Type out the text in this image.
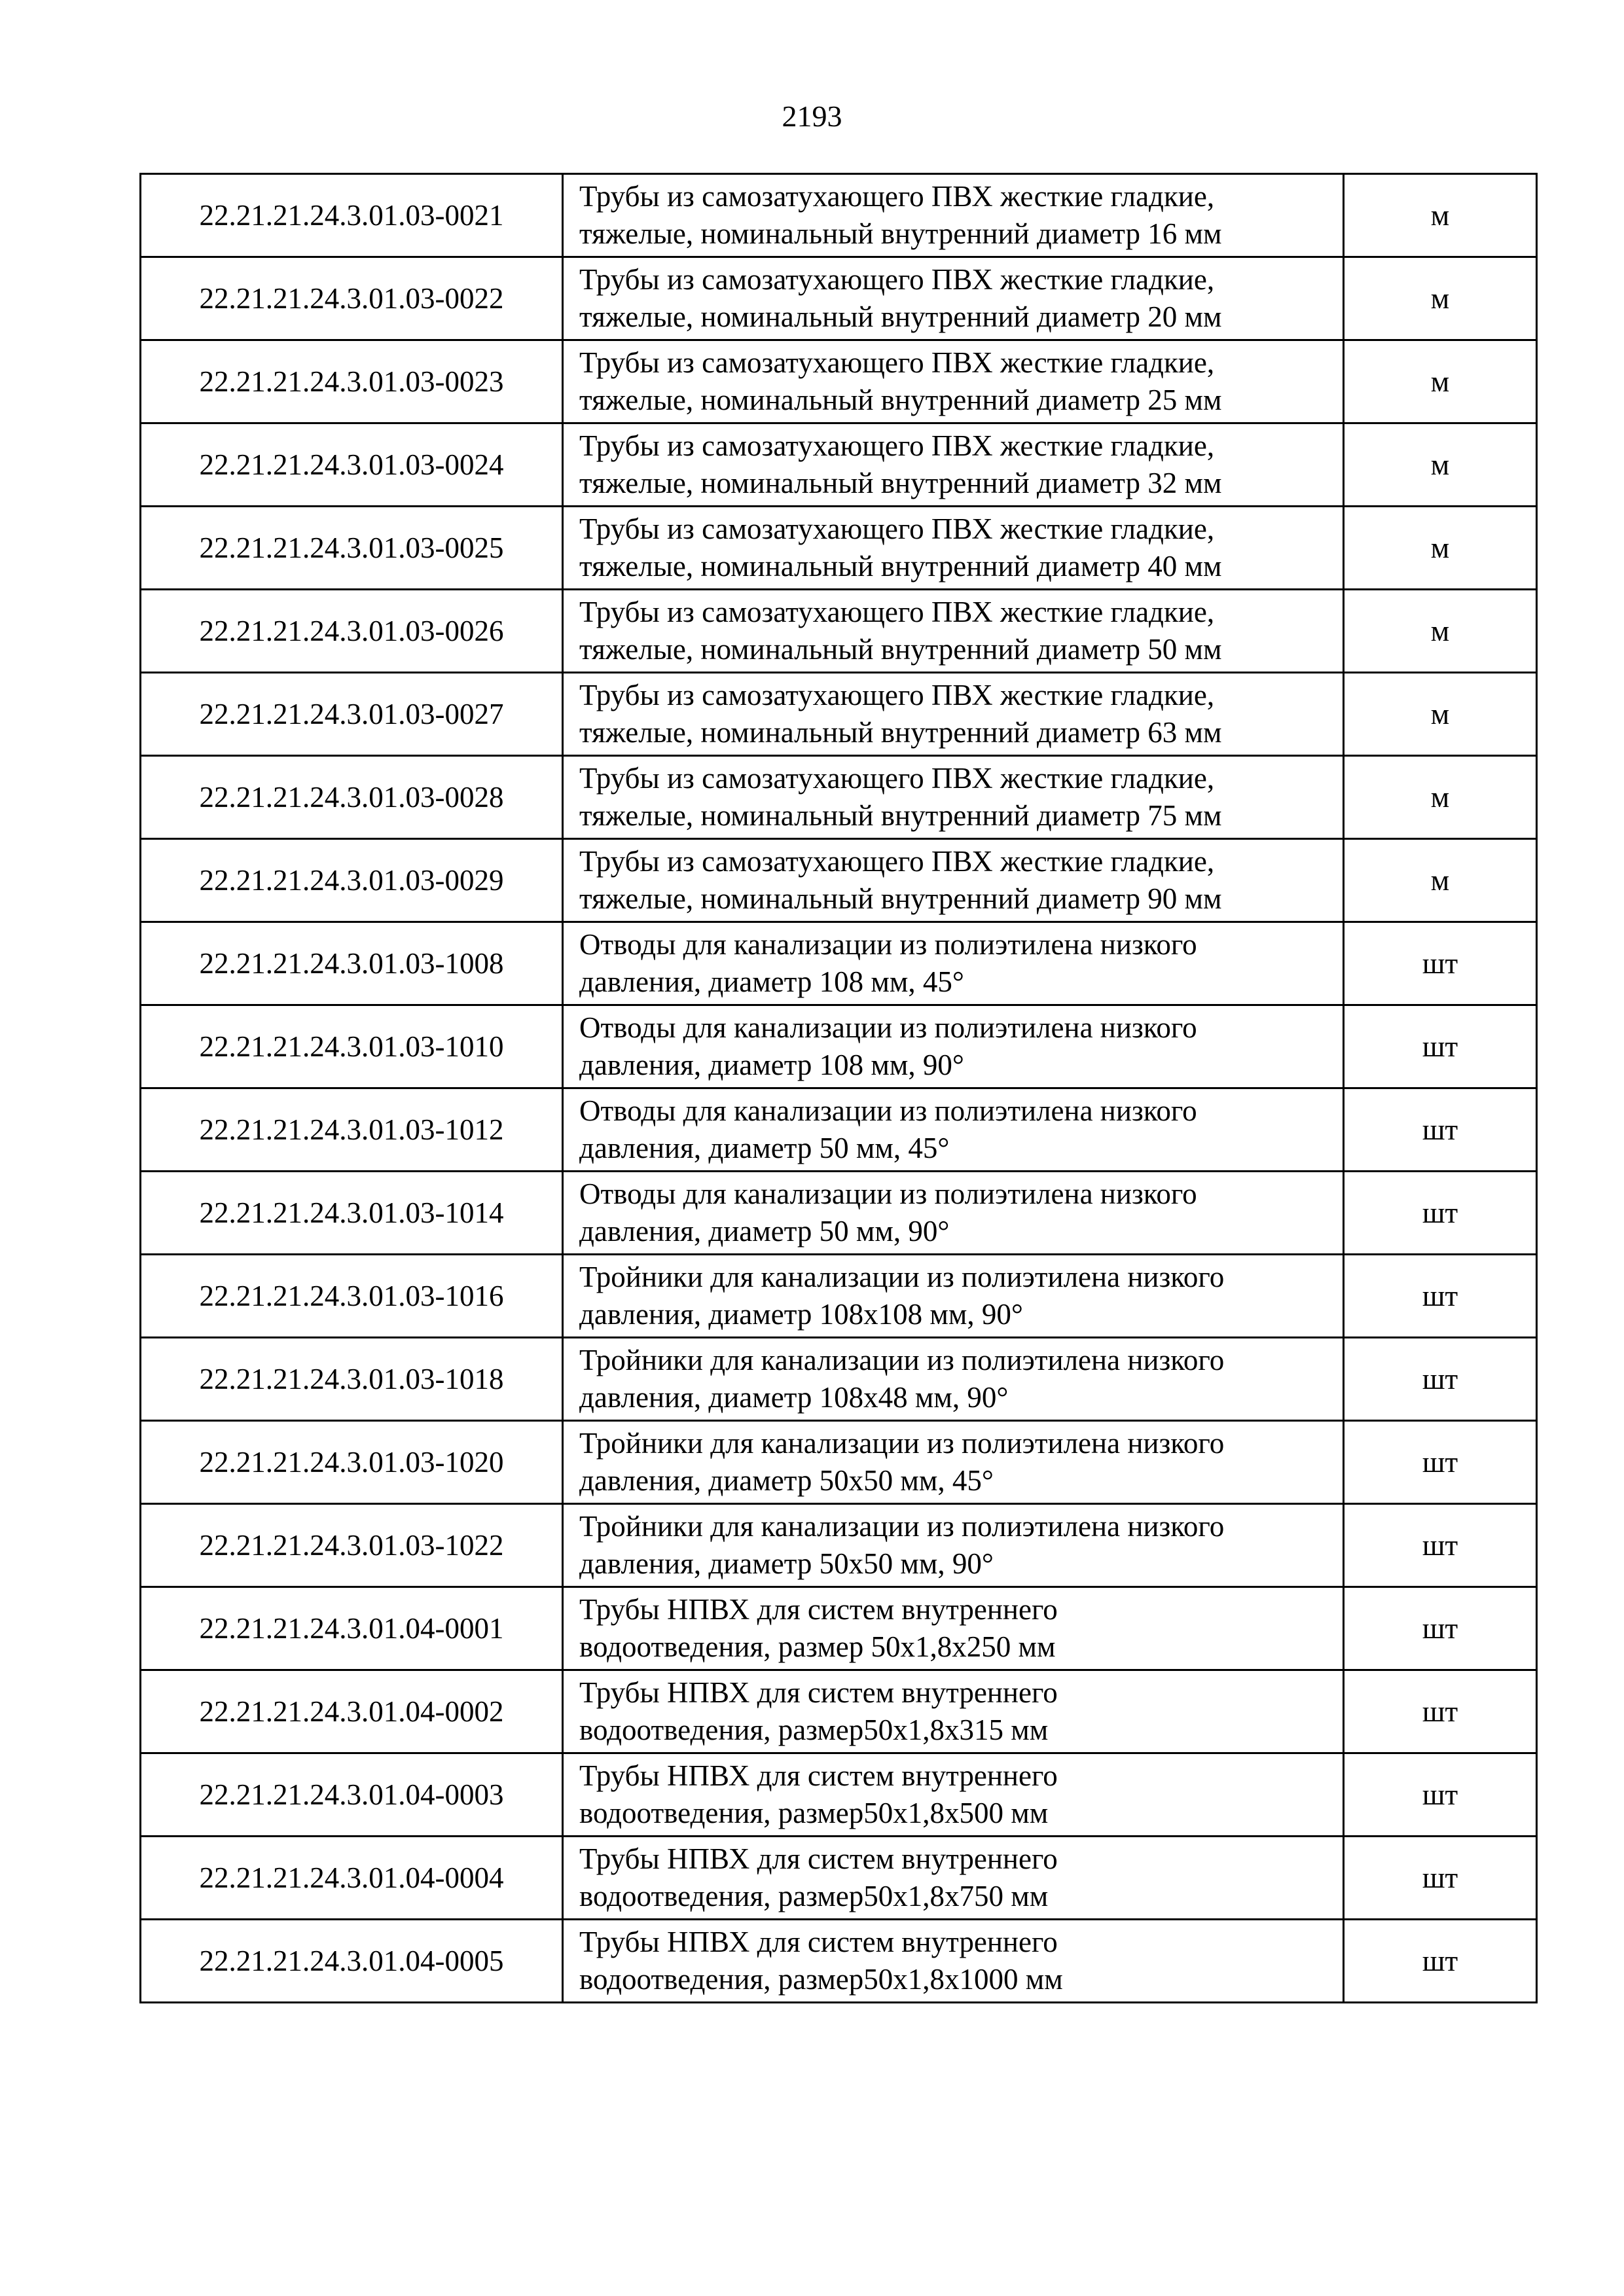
2193
22.21.21.24.3.01.03-0021	Трубы из самозатухающего ПВХ жесткие гладкие,
тяжелые, номинальный внутренний диаметр 16 мм	м
22.21.21.24.3.01.03-0022	Трубы из самозатухающего ПВХ жесткие гладкие,
тяжелые, номинальный внутренний диаметр 20 мм	м
22.21.21.24.3.01.03-0023	Трубы из самозатухающего ПВХ жесткие гладкие,
тяжелые, номинальный внутренний диаметр 25 мм	м
22.21.21.24.3.01.03-0024	Трубы из самозатухающего ПВХ жесткие гладкие,
тяжелые, номинальный внутренний диаметр 32 мм	м
22.21.21.24.3.01.03-0025	Трубы из самозатухающего ПВХ жесткие гладкие,
тяжелые, номинальный внутренний диаметр 40 мм	м
22.21.21.24.3.01.03-0026	Трубы из самозатухающего ПВХ жесткие гладкие,
тяжелые, номинальный внутренний диаметр 50 мм	м
22.21.21.24.3.01.03-0027	Трубы из самозатухающего ПВХ жесткие гладкие,
тяжелые, номинальный внутренний диаметр 63 мм	м
22.21.21.24.3.01.03-0028	Трубы из самозатухающего ПВХ жесткие гладкие,
тяжелые, номинальный внутренний диаметр 75 мм	м
22.21.21.24.3.01.03-0029	Трубы из самозатухающего ПВХ жесткие гладкие,
тяжелые, номинальный внутренний диаметр 90 мм	м
22.21.21.24.3.01.03-1008	Отводы для канализации из полиэтилена низкого
давления, диаметр 108 мм, 45°	шт
22.21.21.24.3.01.03-1010	Отводы для канализации из полиэтилена низкого
давления, диаметр 108 мм, 90°	шт
22.21.21.24.3.01.03-1012	Отводы для канализации из полиэтилена низкого
давления, диаметр 50 мм, 45°	шт
22.21.21.24.3.01.03-1014	Отводы для канализации из полиэтилена низкого
давления, диаметр 50 мм, 90°	шт
22.21.21.24.3.01.03-1016	Тройники для канализации из полиэтилена низкого
давления, диаметр 108х108 мм, 90°	шт
22.21.21.24.3.01.03-1018	Тройники для канализации из полиэтилена низкого
давления, диаметр 108х48 мм, 90°	шт
22.21.21.24.3.01.03-1020	Тройники для канализации из полиэтилена низкого
давления, диаметр 50х50 мм, 45°	шт
22.21.21.24.3.01.03-1022	Тройники для канализации из полиэтилена низкого
давления, диаметр 50х50 мм, 90°	шт
22.21.21.24.3.01.04-0001	Трубы НПВХ для систем внутреннего
водоотведения, размер 50х1,8х250 мм	шт
22.21.21.24.3.01.04-0002	Трубы НПВХ для систем внутреннего
водоотведения, размер50х1,8х315 мм	шт
22.21.21.24.3.01.04-0003	Трубы НПВХ для систем внутреннего
водоотведения, размер50х1,8х500 мм	шт
22.21.21.24.3.01.04-0004	Трубы НПВХ для систем внутреннего
водоотведения, размер50х1,8х750 мм	шт
22.21.21.24.3.01.04-0005	Трубы НПВХ для систем внутреннего
водоотведения, размер50х1,8х1000 мм	шт
